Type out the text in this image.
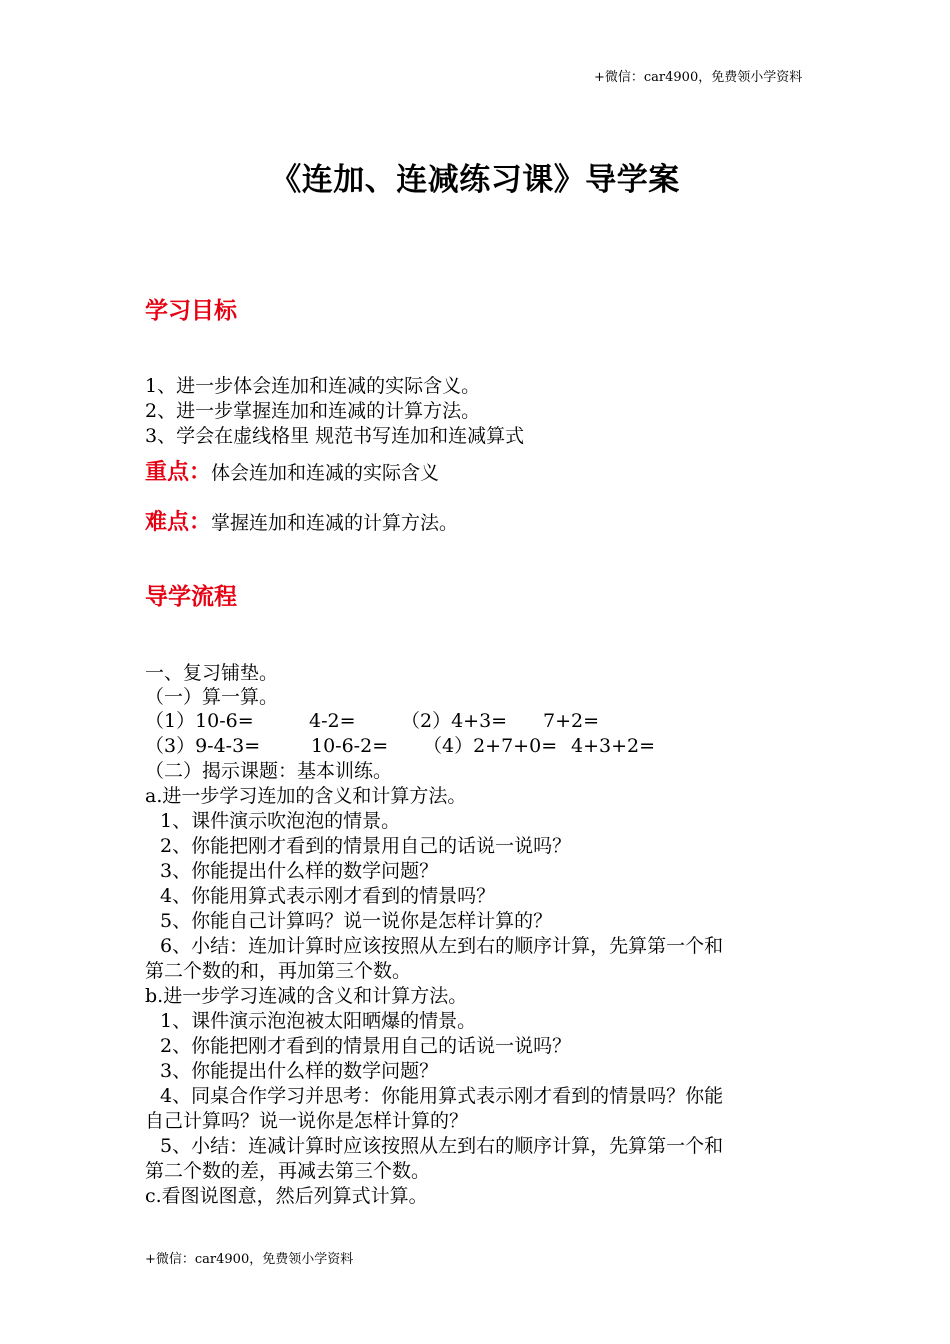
+微信：car4900，免费领小学资料
《连加、连减练习课》导学案
学习目标
1、进一步体会连加和连减的实际含义。
2、进一步掌握连加和连减的计算方法。
3、学会在虚线格里 规范书写连加和连减算式
重点：体会连加和连减的实际含义
难点：掌握连加和连减的计算方法。
导学流程
一、复习铺垫。
（一）算一算。
（1）10-6=	4-2= （2）4+3= 7+2=
（3）9-4-3=	10-6-2= （4）2+7+0= 4+3+2=
（二）揭示课题：基本训练。
a.进一步学习连加的含义和计算方法。
1、课件演示吹泡泡的情景。
2、你能把刚才看到的情景用自己的话说一说吗？
3、你能提出什么样的数学问题？
4、你能用算式表示刚才看到的情景吗？
5、你能自己计算吗？说一说你是怎样计算的？
6、小结：连加计算时应该按照从左到右的顺序计算，先算第一个和
第二个数的和，再加第三个数。
b.进一步学习连减的含义和计算方法。
1、课件演示泡泡被太阳晒爆的情景。
2、你能把刚才看到的情景用自己的话说一说吗？
3、你能提出什么样的数学问题？
4、同桌合作学习并思考：你能用算式表示刚才看到的情景吗？你能
自己计算吗？说一说你是怎样计算的？
5、小结：连减计算时应该按照从左到右的顺序计算，先算第一个和
第二个数的差，再减去第三个数。
c.看图说图意，然后列算式计算。
+微信：car4900，免费领小学资料
